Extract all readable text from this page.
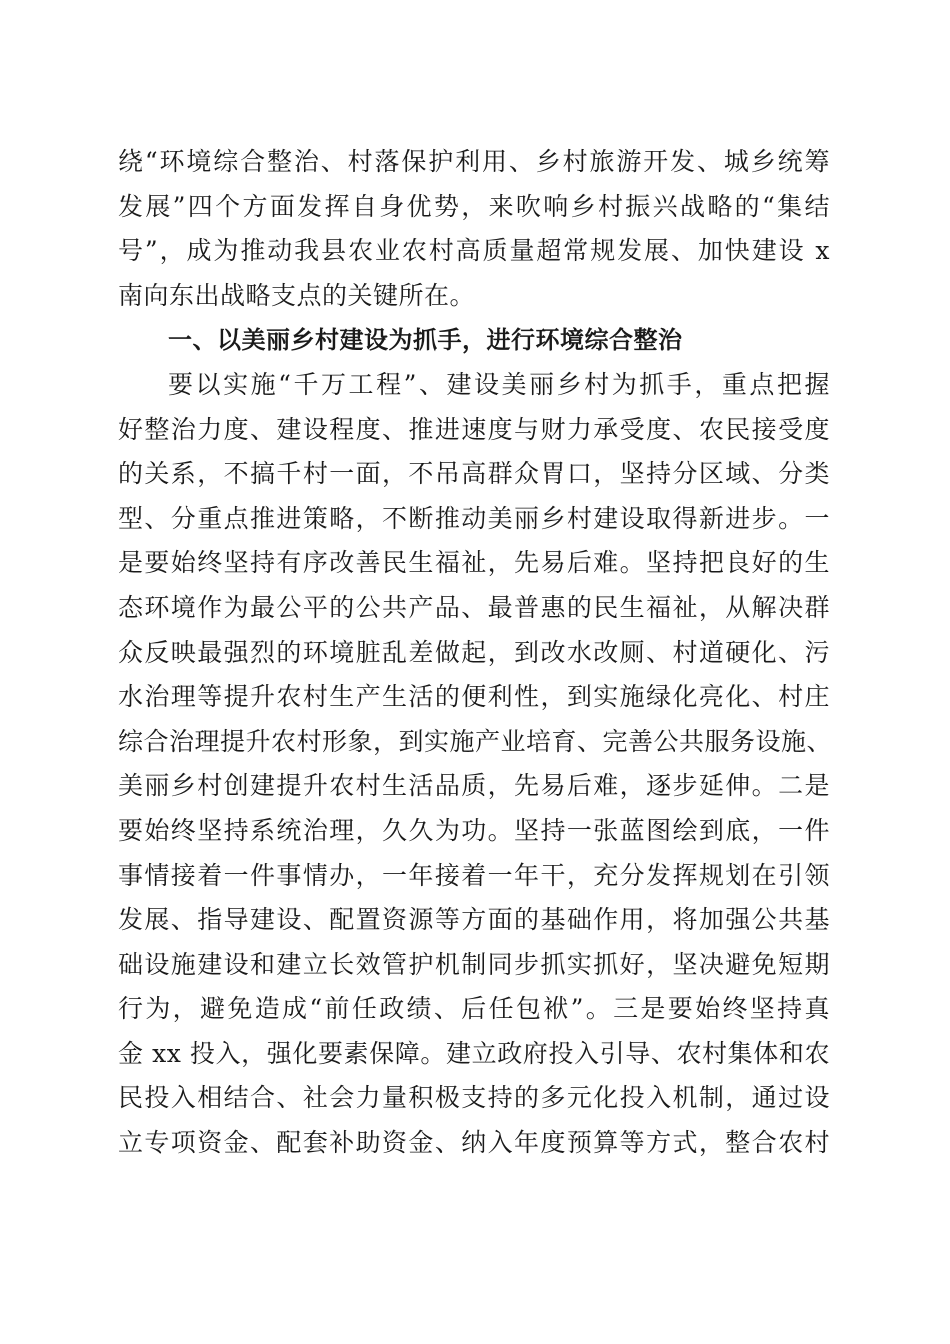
绕“环境综合整治、村落保护利用、乡村旅游开发、城乡统筹
发展”四个方面发挥自身优势，来吹响乡村振兴战略的“集结
号”，成为推动我县农业农村高质量超常规发展、加快建设 x
南向东出战略支点的关键所在。
一、以美丽乡村建设为抓手，进行环境综合整治
要以实施“千万工程”、建设美丽乡村为抓手，重点把握
好整治力度、建设程度、推进速度与财力承受度、农民接受度
的关系，不搞千村一面，不吊高群众胃口，坚持分区域、分类
型、分重点推进策略，不断推动美丽乡村建设取得新进步。一
是要始终坚持有序改善民生福祉，先易后难。坚持把良好的生
态环境作为最公平的公共产品、最普惠的民生福祉，从解决群
众反映最强烈的环境脏乱差做起，到改水改厕、村道硬化、污
水治理等提升农村生产生活的便利性，到实施绿化亮化、村庄
综合治理提升农村形象，到实施产业培育、完善公共服务设施、
美丽乡村创建提升农村生活品质，先易后难，逐步延伸。二是
要始终坚持系统治理，久久为功。坚持一张蓝图绘到底，一件
事情接着一件事情办，一年接着一年干，充分发挥规划在引领
发展、指导建设、配置资源等方面的基础作用，将加强公共基
础设施建设和建立长效管护机制同步抓实抓好，坚决避免短期
行为，避免造成“前任政绩、后任包袱”。三是要始终坚持真
金 xx 投入，强化要素保障。建立政府投入引导、农村集体和农
民投入相结合、社会力量积极支持的多元化投入机制，通过设
立专项资金、配套补助资金、纳入年度预算等方式，整合农村
